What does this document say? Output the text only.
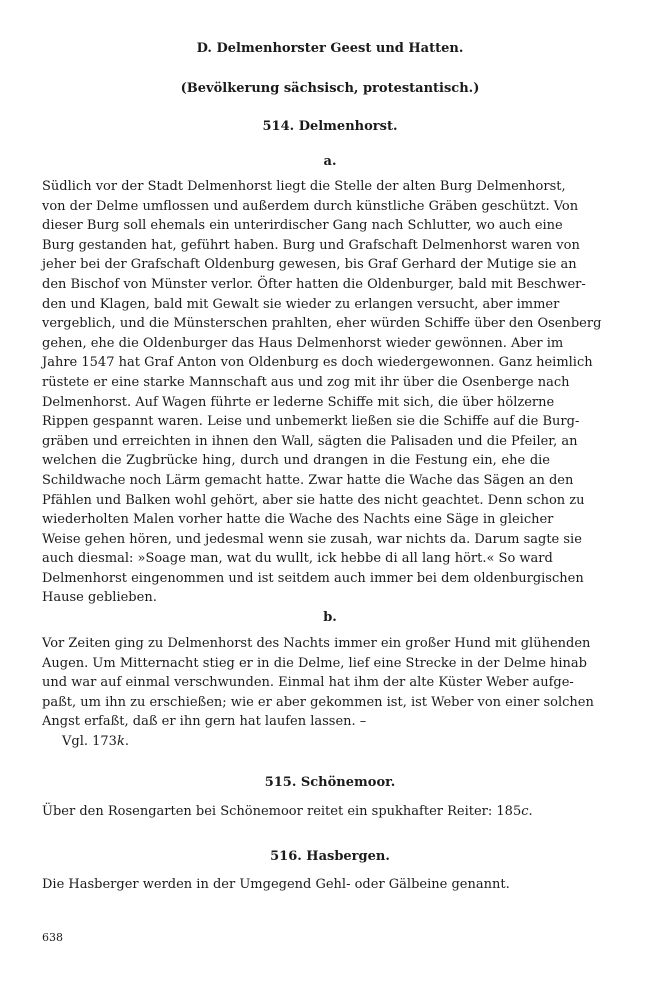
D. Delmenhorster Geest und Hatten.
(Bevölkerung sächsisch, protestantisch.)
514. Delmenhorst.
a.
Südlich vor der Stadt Delmenhorst liegt die Stelle der alten Burg Delmenhorst,
von der Delme umflossen und außerdem durch künstliche Gräben geschützt. Von
dieser Burg soll ehemals ein unterirdischer Gang nach Schlutter, wo auch eine
Burg gestanden hat, geführt haben. Burg und Grafschaft Delmenhorst waren von
jeher bei der Grafschaft Oldenburg gewesen, bis Graf Gerhard der Mutige sie an
den Bischof von Münster verlor. Öfter hatten die Oldenburger, bald mit Beschwer-
den und Klagen, bald mit Gewalt sie wieder zu erlangen versucht, aber immer
vergeblich, und die Münsterschen prahlten, eher würden Schiffe über den Osenberg
gehen, ehe die Oldenburger das Haus Delmenhorst wieder gewönnen. Aber im
Jahre 1547 hat Graf Anton von Oldenburg es doch wiedergewonnen. Ganz heimlich
rüstete er eine starke Mannschaft aus und zog mit ihr über die Osenberge nach
Delmenhorst. Auf Wagen führte er lederne Schiffe mit sich, die über hölzerne
Rippen gespannt waren. Leise und unbemerkt ließen sie die Schiffe auf die Burg-
gräben und erreichten in ihnen den Wall, sägten die Palisaden und die Pfeiler, an
welchen die Zugbrücke hing, durch und drangen in die Festung ein, ehe die
Schildwache noch Lärm gemacht hatte. Zwar hatte die Wache das Sägen an den
Pfählen und Balken wohl gehört, aber sie hatte des nicht geachtet. Denn schon zu
wiederholten Malen vorher hatte die Wache des Nachts eine Säge in gleicher
Weise gehen hören, und jedesmal wenn sie zusah, war nichts da. Darum sagte sie
auch diesmal: »Soage man, wat du wullt, ick hebbe di all lang hört.« So ward
Delmenhorst eingenommen und ist seitdem auch immer bei dem oldenburgischen
Hause geblieben.
b.
Vor Zeiten ging zu Delmenhorst des Nachts immer ein großer Hund mit glühenden
Augen. Um Mitternacht stieg er in die Delme, lief eine Strecke in der Delme hinab
und war auf einmal verschwunden. Einmal hat ihm der alte Küster Weber aufge-
paßt, um ihn zu erschießen; wie er aber gekommen ist, ist Weber von einer solchen
Angst erfaßt, daß er ihn gern hat laufen lassen. –
Vgl. 173k.
515. Schönemoor.
Über den Rosengarten bei Schönemoor reitet ein spukhafter Reiter: 185c.
516. Hasbergen.
Die Hasberger werden in der Umgegend Gehl- oder Gälbeine genannt.
638
